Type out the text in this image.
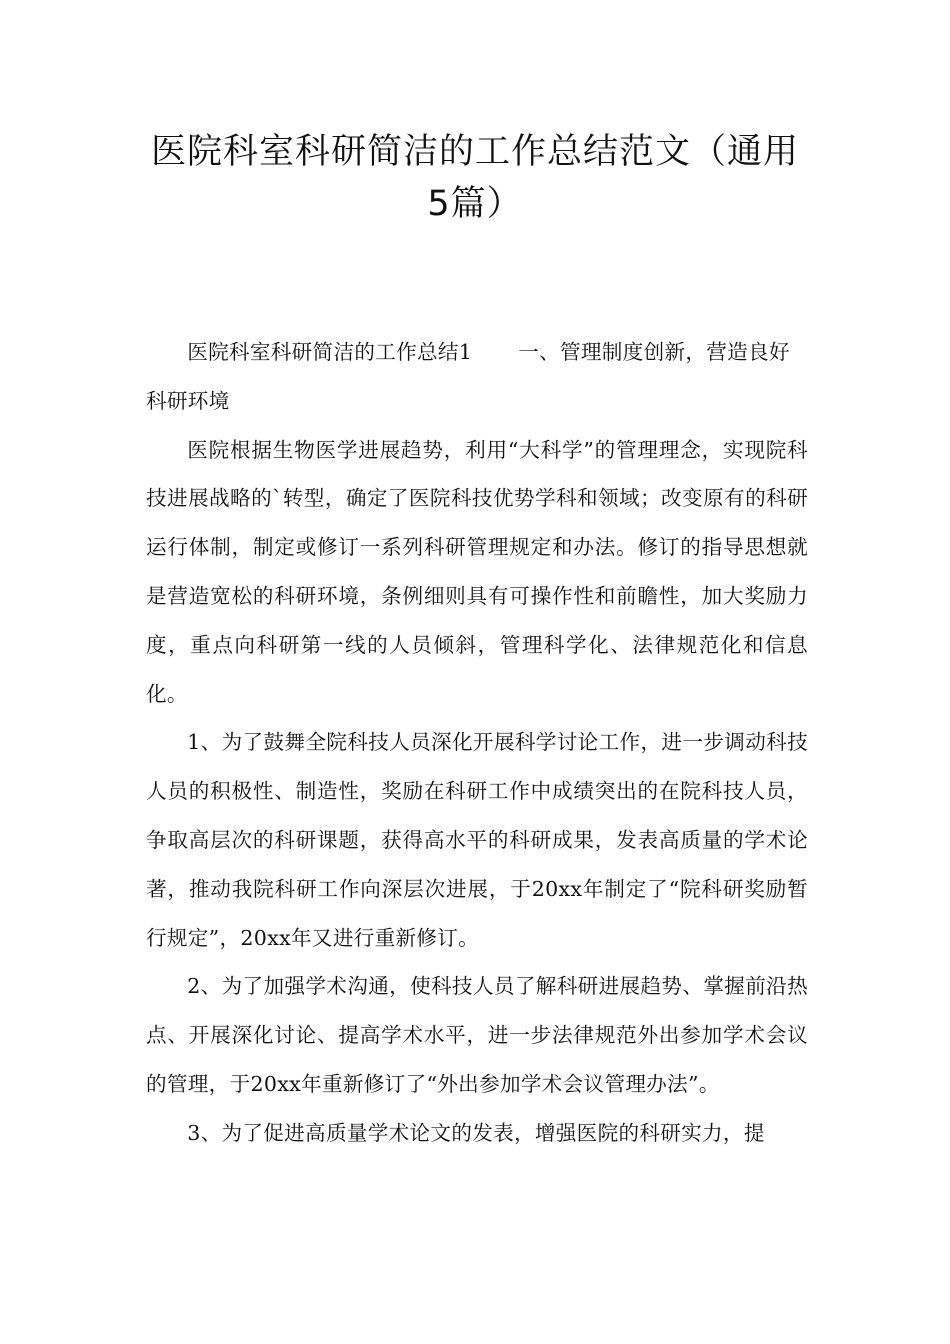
医院科室科研简洁的工作总结范文（通用5篇）

医院科室科研简洁的工作总结1 一、管理制度创新，营造良好科研环境

医院根据生物医学进展趋势，利用“大科学”的管理理念，实现院科技进展战略的`转型，确定了医院科技优势学科和领域；改变原有的科研运行体制，制定或修订一系列科研管理规定和办法。修订的指导思想就是营造宽松的科研环境，条例细则具有可操作性和前瞻性，加大奖励力度，重点向科研第一线的人员倾斜，管理科学化、法律规范化和信息化。

1、为了鼓舞全院科技人员深化开展科学讨论工作，进一步调动科技人员的积极性、制造性，奖励在科研工作中成绩突出的在院科技人员，争取高层次的科研课题，获得高水平的科研成果，发表高质量的学术论著，推动我院科研工作向深层次进展，于20xx年制定了“院科研奖励暂行规定”，20xx年又进行重新修订。

2、为了加强学术沟通，使科技人员了解科研进展趋势、掌握前沿热点、开展深化讨论、提高学术水平，进一步法律规范外出参加学术会议的管理，于20xx年重新修订了“外出参加学术会议管理办法”。

3、为了促进高质量学术论文的发表，增强医院的科研实力，提
